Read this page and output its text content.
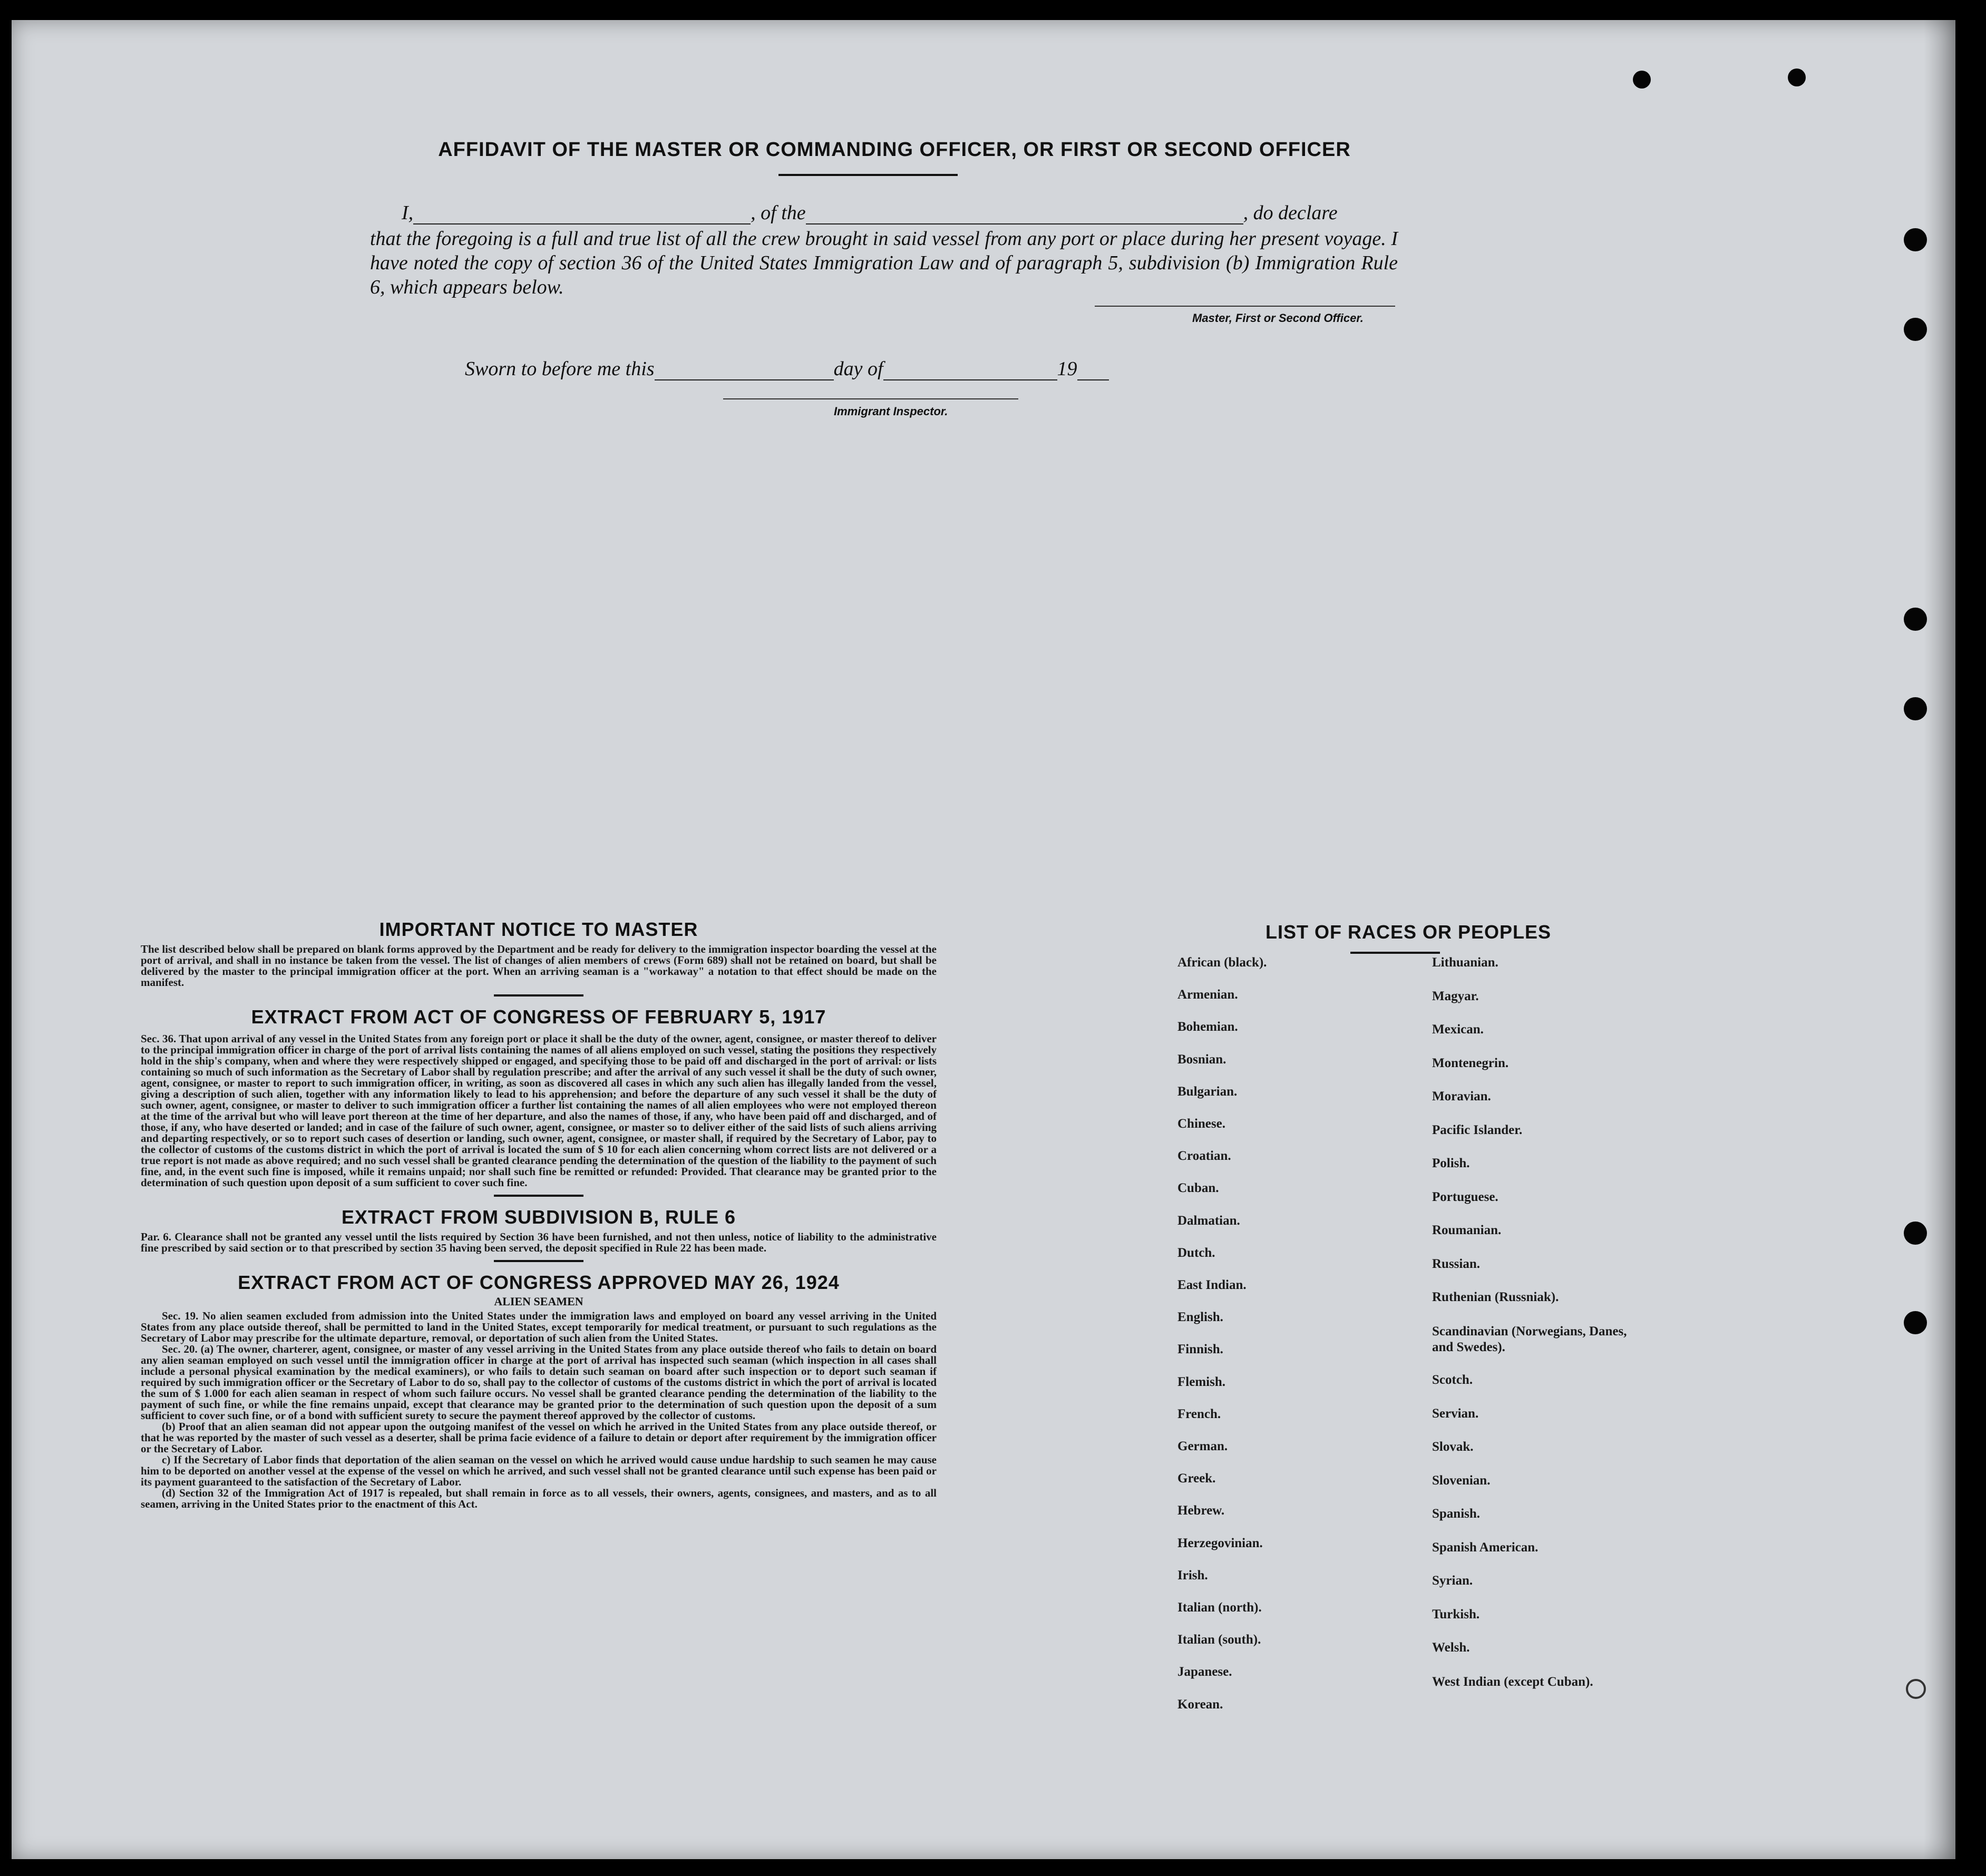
AFFIDAVIT OF THE MASTER OR COMMANDING OFFICER, OR FIRST OR SECOND OFFICER
I,	, of the	, do declare
that the foregoing is a full and true list of all the crew brought in said vessel from any port or place during her present voyage. I have noted the copy of section 36 of the United States Immigration Law and of paragraph 5, subdivision (b) Immigration Rule 6, which appears below.
Master, First or Second Officer.
Sworn to before me this	day of	19
Immigrant Inspector.
IMPORTANT NOTICE TO MASTER
The list described below shall be prepared on blank forms approved by the Department and be ready for delivery to the immigration inspector boarding the vessel at the port of arrival, and shall in no instance be taken from the vessel. The list of changes of alien members of crews (Form 689) shall not be retained on board, but shall be delivered by the master to the principal immigration officer at the port. When an arriving seaman is a "workaway" a notation to that effect should be made on the manifest.
EXTRACT FROM ACT OF CONGRESS OF FEBRUARY 5, 1917
Sec. 36. That upon arrival of any vessel in the United States from any foreign port or place it shall be the duty of the owner, agent, consignee, or master thereof to deliver to the principal immigration officer in charge of the port of arrival lists containing the names of all aliens employed on such vessel, stating the positions they respectively hold in the ship's company, when and where they were respectively shipped or engaged, and specifying those to be paid off and discharged in the port of arrival: or lists containing so much of such information as the Secretary of Labor shall by regulation prescribe; and after the arrival of any such vessel it shall be the duty of such owner, agent, consignee, or master to report to such immigration officer, in writing, as soon as discovered all cases in which any such alien has illegally landed from the vessel, giving a description of such alien, together with any information likely to lead to his apprehension; and before the departure of any such vessel it shall be the duty of such owner, agent, consignee, or master to deliver to such immigration officer a further list containing the names of all alien employees who were not employed thereon at the time of the arrival but who will leave port thereon at the time of her departure, and also the names of those, if any, who have been paid off and discharged, and of those, if any, who have deserted or landed; and in case of the failure of such owner, agent, consignee, or master so to deliver either of the said lists of such aliens arriving and departing respectively, or so to report such cases of desertion or landing, such owner, agent, consignee, or master shall, if required by the Secretary of Labor, pay to the collector of customs of the customs district in which the port of arrival is located the sum of $ 10 for each alien concerning whom correct lists are not delivered or a true report is not made as above required; and no such vessel shall be granted clearance pending the determination of the question of the liability to the payment of such fine, and, in the event such fine is imposed, while it remains unpaid; nor shall such fine be remitted or refunded: Provided. That clearance may be granted prior to the determination of such question upon deposit of a sum sufficient to cover such fine.
EXTRACT FROM SUBDIVISION B, RULE 6
Par. 6. Clearance shall not be granted any vessel until the lists required by Section 36 have been furnished, and not then unless, notice of liability to the administrative fine prescribed by said section or to that prescribed by section 35 having been served, the deposit specified in Rule 22 has been made.
EXTRACT FROM ACT OF CONGRESS APPROVED MAY 26, 1924
ALIEN SEAMEN
Sec. 19. No alien seamen excluded from admission into the United States under the immigration laws and employed on board any vessel arriving in the United States from any place outside thereof, shall be permitted to land in the United States, except temporarily for medical treatment, or pursuant to such regulations as the Secretary of Labor may prescribe for the ultimate departure, removal, or deportation of such alien from the United States.
Sec. 20. (a) The owner, charterer, agent, consignee, or master of any vessel arriving in the United States from any place outside thereof who fails to detain on board any alien seaman employed on such vessel until the immigration officer in charge at the port of arrival has inspected such seaman (which inspection in all cases shall include a personal physical examination by the medical examiners), or who fails to detain such seaman on board after such inspection or to deport such seaman if required by such immigration officer or the Secretary of Labor to do so, shall pay to the collector of customs of the customs district in which the port of arrival is located the sum of $ 1.000 for each alien seaman in respect of whom such failure occurs. No vessel shall be granted clearance pending the determination of the liability to the payment of such fine, or while the fine remains unpaid, except that clearance may be granted prior to the determination of such question upon the deposit of a sum sufficient to cover such fine, or of a bond with sufficient surety to secure the payment thereof approved by the collector of customs.
(b) Proof that an alien seaman did not appear upon the outgoing manifest of the vessel on which he arrived in the United States from any place outside thereof, or that he was reported by the master of such vessel as a deserter, shall be prima facie evidence of a failure to detain or deport after requirement by the immigration officer or the Secretary of Labor.
c) If the Secretary of Labor finds that deportation of the alien seaman on the vessel on which he arrived would cause undue hardship to such seamen he may cause him to be deported on another vessel at the expense of the vessel on which he arrived, and such vessel shall not be granted clearance until such expense has been paid or its payment guaranteed to the satisfaction of the Secretary of Labor.
(d) Section 32 of the Immigration Act of 1917 is repealed, but shall remain in force as to all vessels, their owners, agents, consignees, and masters, and as to all seamen, arriving in the United States prior to the enactment of this Act.
LIST OF RACES OR PEOPLES
African (black).
Armenian.
Bohemian.
Bosnian.
Bulgarian.
Chinese.
Croatian.
Cuban.
Dalmatian.
Dutch.
East Indian.
English.
Finnish.
Flemish.
French.
German.
Greek.
Hebrew.
Herzegovinian.
Irish.
Italian (north).
Italian (south).
Japanese.
Korean.
Lithuanian.
Magyar.
Mexican.
Montenegrin.
Moravian.
Pacific Islander.
Polish.
Portuguese.
Roumanian.
Russian.
Ruthenian (Russniak).
Scandinavian (Norwegians, Danes, and Swedes).
Scotch.
Servian.
Slovak.
Slovenian.
Spanish.
Spanish American.
Syrian.
Turkish.
Welsh.
West Indian (except Cuban).
